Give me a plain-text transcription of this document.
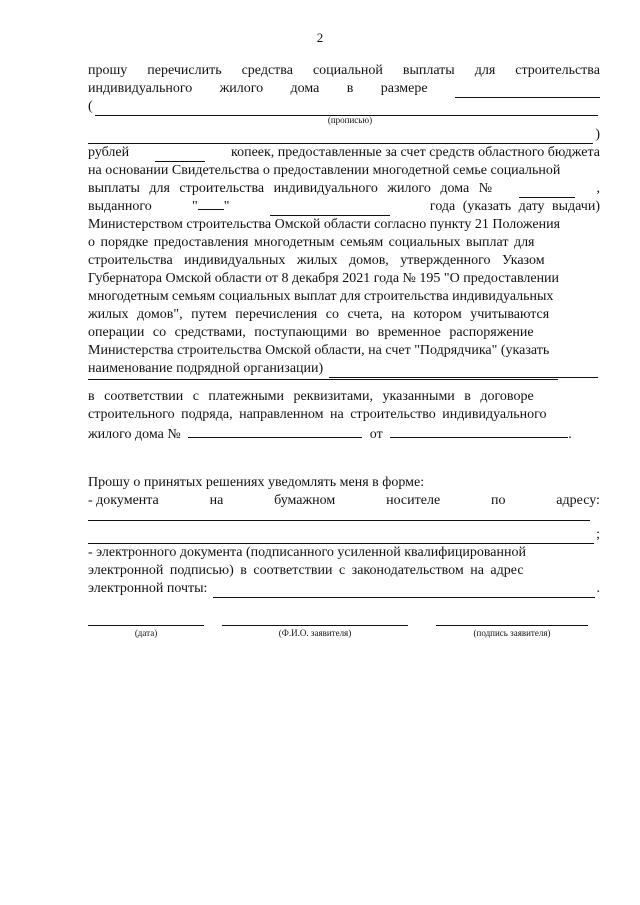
2
прошу перечислить средства социальной выплаты для строительства
индивидуального жилого дома в размере
(
(прописью)
)
рублей	копеек, предоставленные за счет средств областного бюджета
на основании Свидетельства о предоставлении многодетной семье социальной
выплаты для строительства индивидуального жилого дома №	,
выданного	" "	года (указать дату выдачи)
Министерством строительства Омской области согласно пункту 21 Положения
о порядке предоставления многодетным семьям социальных выплат для
строительства индивидуальных жилых домов, утвержденного Указом
Губернатора Омской области от 8 декабря 2021 года № 195 "О предоставлении
многодетным семьям социальных выплат для строительства индивидуальных
жилых домов", путем перечисления со счета, на котором учитываются
операции со средствами, поступающими во временное распоряжение
Министерства строительства Омской области, на счет "Подрядчика" (указать
наименование подрядной организации)
в соответствии с платежными реквизитами, указанными в договоре
строительного подряда, направленном на строительство индивидуального
жилого дома №	от	.
Прошу о принятых решениях уведомлять меня в форме:
- документа	на	бумажном	носителе	по	адресу:
;
- электронного документа (подписанного усиленной квалифицированной
электронной подписью) в соответствии с законодательством на адрес
электронной почты:	.
(дата)	(Ф.И.О. заявителя)	(подпись заявителя)
